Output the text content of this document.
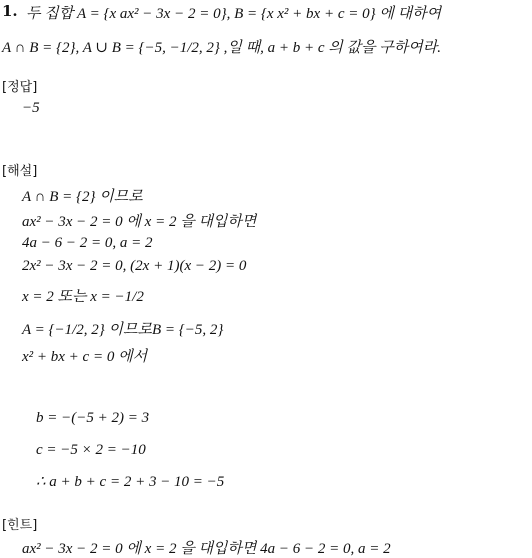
1. 두 집합 A = {x ax² − 3x − 2 = 0}, B = {x x² + bx + c = 0} 에 대하여
A ∩ B = {2}, A ∪ B = {−5, −1/2, 2} ,일 때, a + b + c 의 값을 구하여라.
[정답]
−5
[해설]
A ∩ B = {2} 이므로
ax² − 3x − 2 = 0 에 x = 2 을 대입하면
4a − 6 − 2 = 0, a = 2
2x² − 3x − 2 = 0, (2x + 1)(x − 2) = 0
x = 2 또는 x = −1/2
A = {−1/2, 2} 이므로B = {−5, 2}
x² + bx + c = 0 에서
b = −(−5 + 2) = 3
c = −5 × 2 = −10
∴ a + b + c = 2 + 3 − 10 = −5
[힌트]
ax² − 3x − 2 = 0 에 x = 2 을 대입하면 4a − 6 − 2 = 0, a = 2
